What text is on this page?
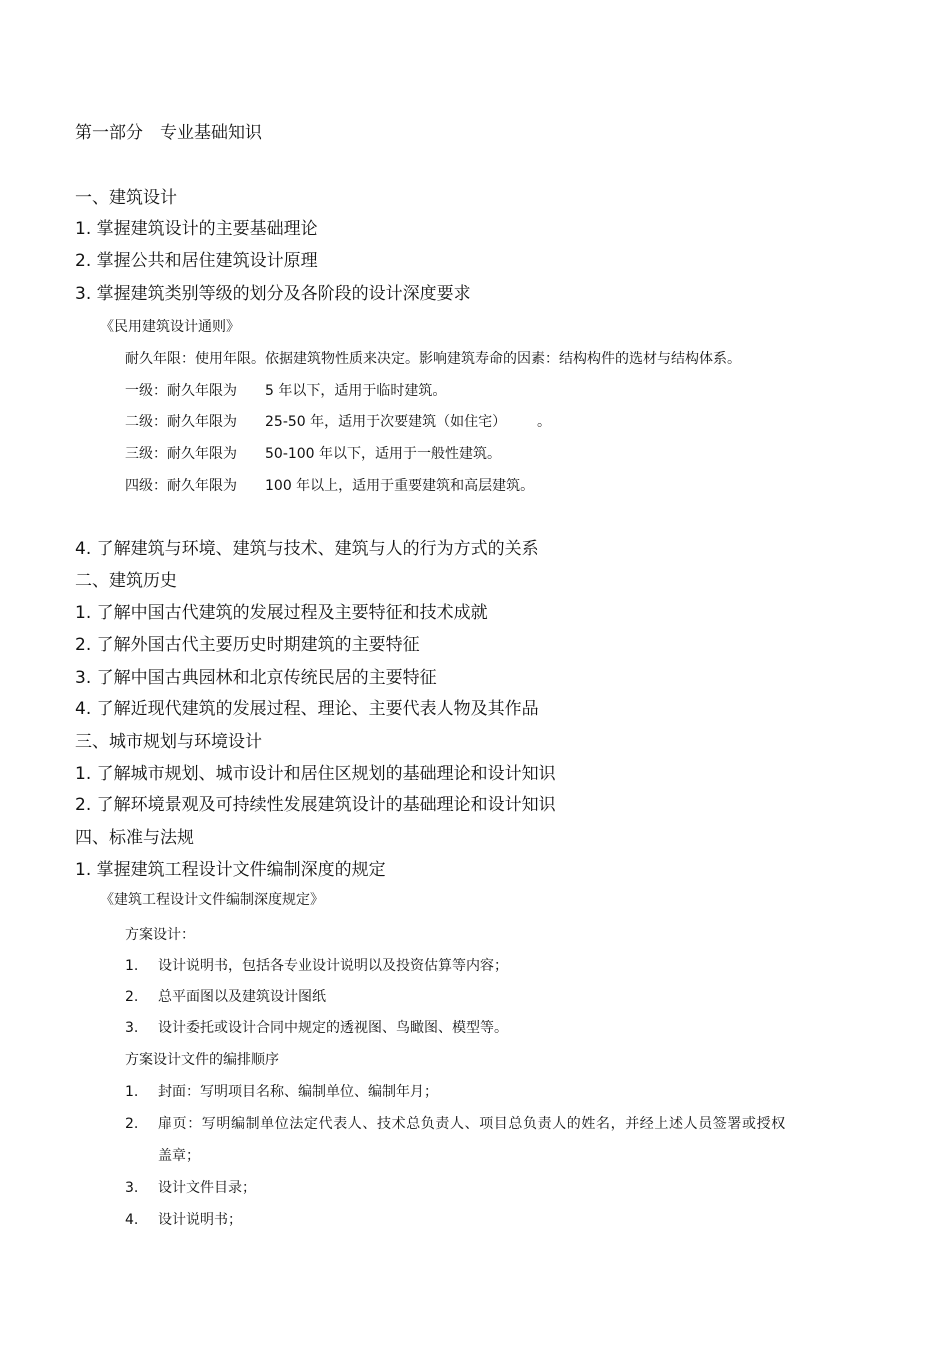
第一部分　专业基础知识
一、建筑设计
1. 掌握建筑设计的主要基础理论
2. 掌握公共和居住建筑设计原理
3. 掌握建筑类别等级的划分及各阶段的设计深度要求
《民用建筑设计通则》
耐久年限：使用年限。依据建筑物性质来决定。影响建筑寿命的因素：结构构件的选材与结构体系。
一级：耐久年限为 5 年以下，适用于临时建筑。
二级：耐久年限为 25-50 年，适用于次要建筑（如住宅） 。
三级：耐久年限为 50-100 年以下，适用于一般性建筑。
四级：耐久年限为 100 年以上，适用于重要建筑和高层建筑。
4. 了解建筑与环境、建筑与技术、建筑与人的行为方式的关系
二、建筑历史
1. 了解中国古代建筑的发展过程及主要特征和技术成就
2. 了解外国古代主要历史时期建筑的主要特征
3. 了解中国古典园林和北京传统民居的主要特征
4. 了解近现代建筑的发展过程、理论、主要代表人物及其作品
三、城市规划与环境设计
1. 了解城市规划、城市设计和居住区规划的基础理论和设计知识
2. 了解环境景观及可持续性发展建筑设计的基础理论和设计知识
四、标准与法规
1. 掌握建筑工程设计文件编制深度的规定
《建筑工程设计文件编制深度规定》
方案设计：
1. 设计说明书，包括各专业设计说明以及投资估算等内容；
2. 总平面图以及建筑设计图纸
3. 设计委托或设计合同中规定的透视图、鸟瞰图、模型等。
方案设计文件的编排顺序
1. 封面：写明项目名称、编制单位、编制年月；
2. 扉页：写明编制单位法定代表人、技术总负责人、项目总负责人的姓名，并经上述人员签署或授权
盖章；
3. 设计文件目录；
4. 设计说明书；
